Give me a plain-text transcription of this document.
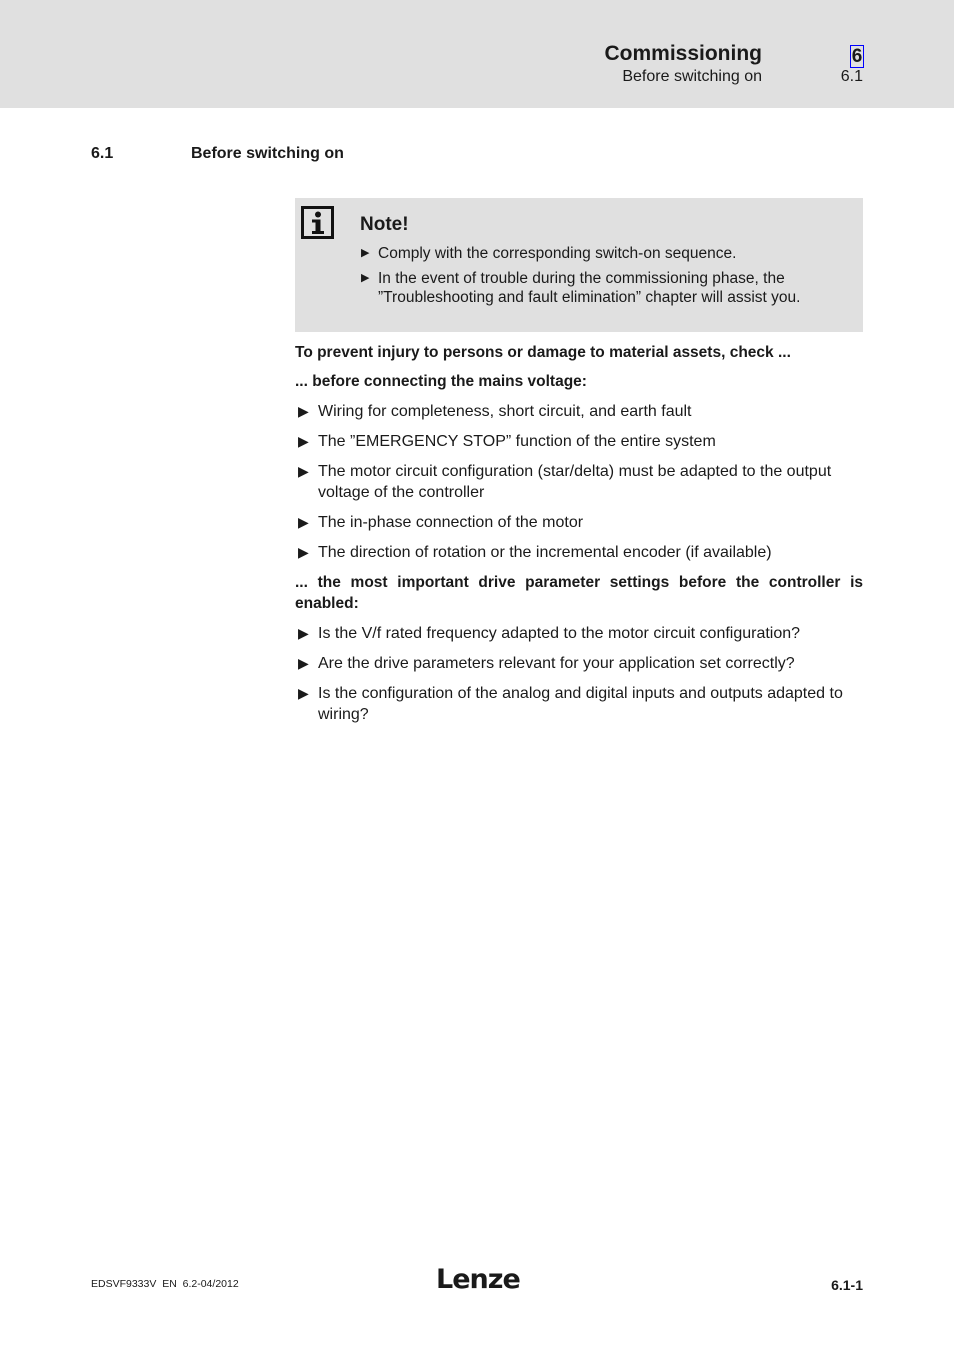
Commissioning
Before switching on
6
6.1
6.1	Before switching on
Note!
▶ Comply with the corresponding switch-on sequence.
▶ In the event of trouble during the commissioning phase, the ”Troubleshooting and fault elimination” chapter will assist you.

To prevent injury to persons or damage to material assets, check ...

... before connecting the mains voltage:

▶ Wiring for completeness, short circuit, and earth fault
▶ The ”EMERGENCY STOP” function of the entire system
▶ The motor circuit configuration (star/delta) must be adapted to the output voltage of the controller
▶ The in-phase connection of the motor
▶ The direction of rotation or the incremental encoder (if available)

... the most important drive parameter settings before the controller is enabled:

▶ Is the V/f rated frequency adapted to the motor circuit configuration?
▶ Are the drive parameters relevant for your application set correctly?
▶ Is the configuration of the analog and digital inputs and outputs adapted to wiring?
EDSVF9333V  EN  6.2-04/2012	Lenze	6.1-1
